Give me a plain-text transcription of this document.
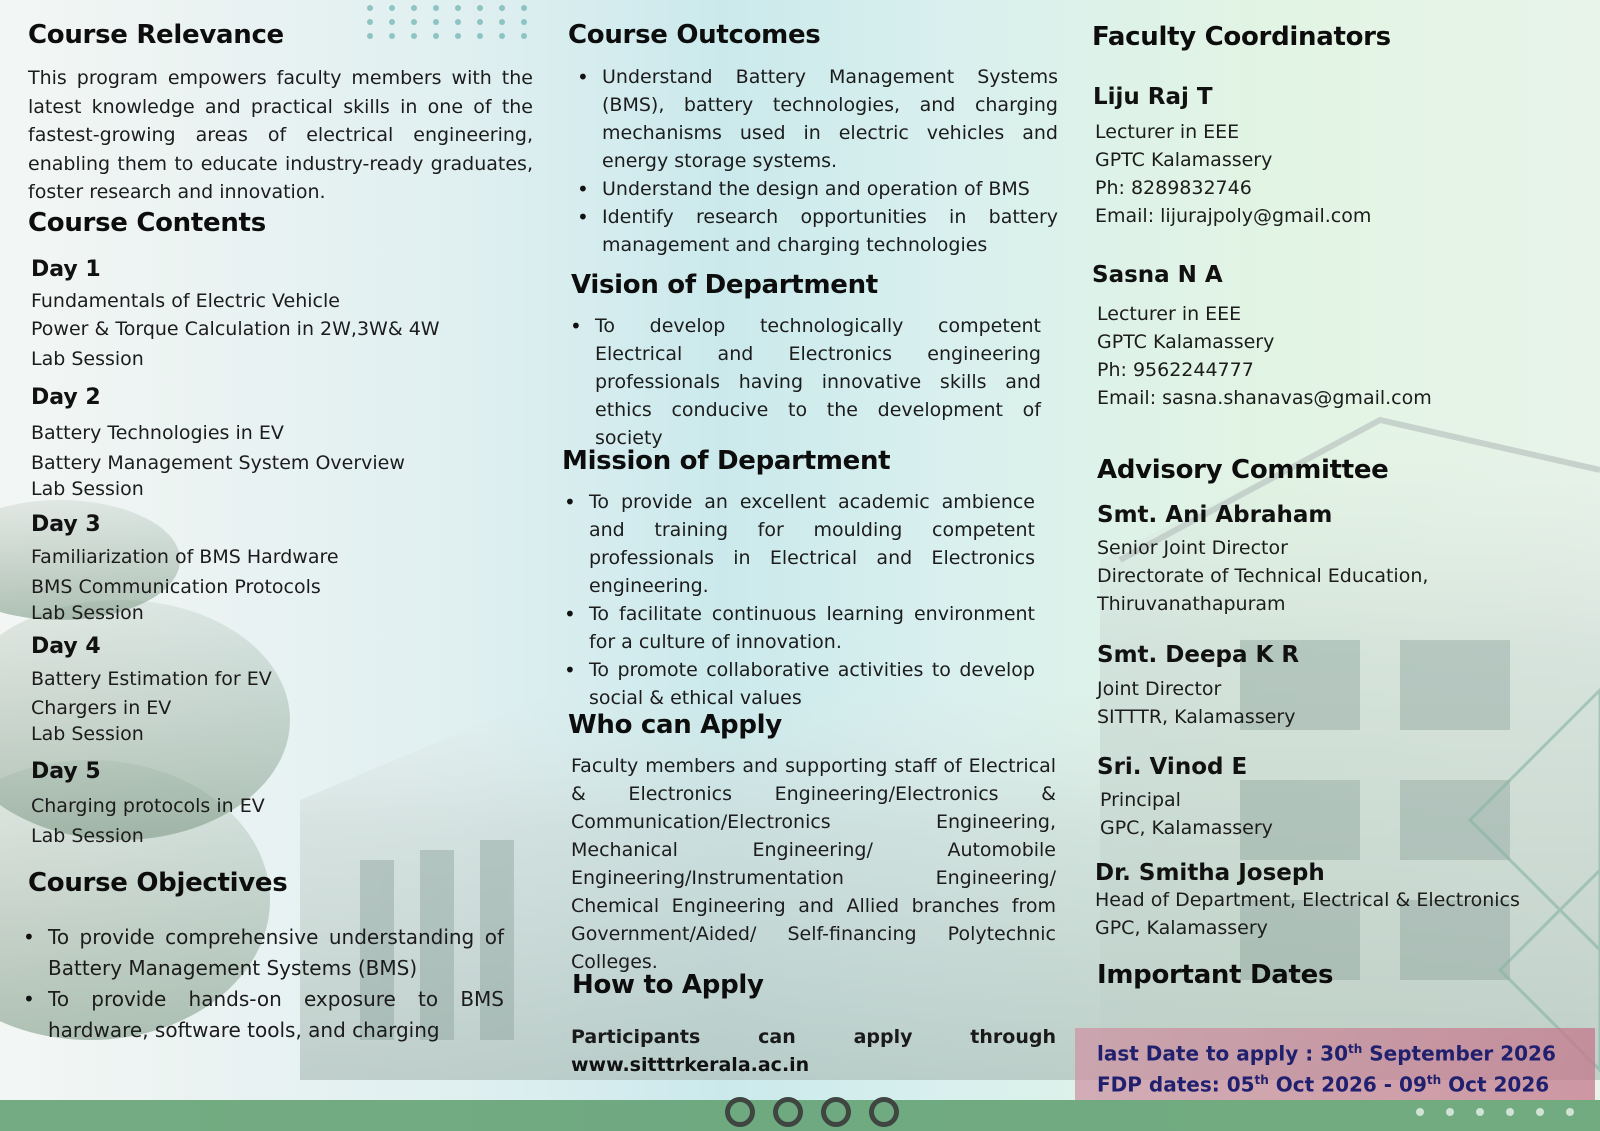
Course Relevance

This program empowers faculty members with the latest knowledge and practical skills in one of the fastest-growing areas of electrical engineering, enabling them to educate industry-ready graduates, foster research and innovation.

Course Contents

Day 1

Fundamentals of Electric Vehicle

Power & Torque Calculation in 2W,3W& 4W

Lab Session

Day 2

Battery Technologies in EV

Battery Management System Overview

Lab Session

Day 3

Familiarization of BMS Hardware

BMS Communication Protocols

Lab Session

Day 4

Battery Estimation for EV

Chargers in EV

Lab Session

Day 5

Charging protocols in EV

Lab Session

Course Objectives
• To provide comprehensive understanding of Battery Management Systems (BMS)
• To provide hands-on exposure to BMS hardware, software tools, and charging
Course Outcomes
• Understand Battery Management Systems (BMS), battery technologies, and charging mechanisms used in electric vehicles and energy storage systems.
• Understand the design and operation of BMS
• Identify research opportunities in battery management and charging technologies
Vision of Department
• To develop technologically competent Electrical and Electronics engineering professionals having innovative skills and ethics conducive to the development of society
Mission of Department
• To provide an excellent academic ambience and training for moulding competent professionals in Electrical and Electronics engineering.
• To facilitate continuous learning environment for a culture of innovation.
• To promote collaborative activities to develop social & ethical values
Who can Apply

Faculty members and supporting staff of Electrical & Electronics Engineering/Electronics & Communication/Electronics Engineering, Mechanical Engineering/ Automobile Engineering/Instrumentation Engineering/ Chemical Engineering and Allied branches from Government/Aided/ Self-financing Polytechnic Colleges.

How to Apply

Participants can apply through

www.sitttrkerala.ac.in
Faculty Coordinators

Liju Raj T

Lecturer in EEE

GPTC Kalamassery

Ph: 8289832746

Email: lijurajpoly@gmail.com

Sasna N A

Lecturer in EEE

GPTC Kalamassery

Ph: 9562244777

Email: sasna.shanavas@gmail.com

Advisory Committee

Smt. Ani Abraham

Senior Joint Director

Directorate of Technical Education,

Thiruvanathapuram

Smt. Deepa K R

Joint Director

SITTTR, Kalamassery

Sri. Vinod E

Principal

GPC, Kalamassery

Dr. Smitha Joseph

Head of Department, Electrical & Electronics

GPC, Kalamassery

Important Dates

last Date to apply : 30th September 2026

FDP dates: 05th Oct 2026 - 09th Oct 2026
